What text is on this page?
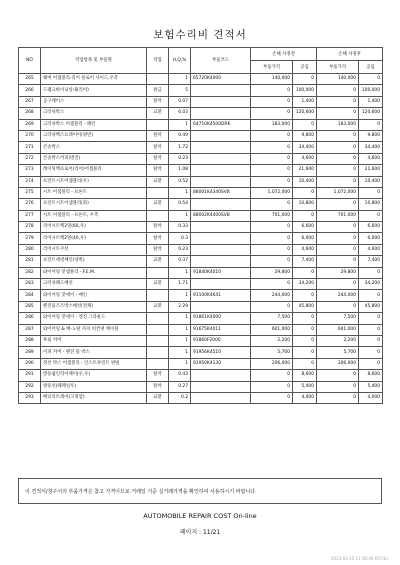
보험수리비 견적서
NO	작업항목 및 부품명	작업	H,Q,%	부품코드	손해 사정전		손해 사정후	
					부품가격	공임	부품가격	공임
265	웨버 어셈블리-리어 플로어 사이드,우측		1	65720K4000	140,000	0	140,000	0
266	드램크바이닝실내(리어)	판금	5		0	100,000	0	100,000
267	공구케이스	탈착	0.07		0	1,400	0	1,400
268	크러쉬박스	교환	6.03		0	120,600	0	120,600
269	크러쉬박스 어셈블리 - 패런		1	64710K4500DRK	183,000	0	183,000	0
270	크러쉬백스프레이어(양면)	탈착	0.49		0	9,800	0	9,800
271	콘솔박스	탈착	1.72		0	34,400	0	34,400
272	콘솔박스어퍼(방진)	탈착	0.23		0	4,600	0	4,600
273	레이팅백프로어(리어)어셈블리	탈착	1.08		0	21,600	0	21,600
274	프런트시트어셈블리(우)	교환	0.52		0	10,400	0	10,400
275	시트 어셈블리 - 프론트		1	88001K4340SVB	1,072,000	0	1,072,000	0
276	프런트시트어셈블리(좌)	교환	0.54		0	10,800	0	10,800
277	시트 어셈블리 - 프론트, 우측		1	88002K4400SVB	701,000	0	701,000	0
278	리어시트백2열(60,우)	탈착	0.33		0	6,600	0	6,600
279	리어시트백2열(40,우)	탈착	0.3		0	6,000	0	6,000
280	리어시트쿠션	탈착	0.23		0	4,600	0	4,600
281	프런트세낼체인(양쪽)	교환	0.37		0	7,400	0	7,400
282	와이어링 맛셈블리 - F.E.M.		1	91840K4010	29,800	0	29,800	0
283	크러쉬패드배선	교환	1.71		0	34,200	0	34,200
284	와이어링 맛세이 - 메인		1	91100K4641	244,000	0	244,000	0
285	펜진품즈즈박스배선(전체)	교환	2.29		0	45,800	0	45,800
286	와이어링 맛세이 - 엔진 그라운드		1	91861K4000	7,500	0	7,500	0
287	와이어링 & 배-노탈 자치 비컨넷 케이블		1	91675K4011	601,000	0	601,000	0
288	후퇴 커버		1	91860F2000	2,200	0	2,200	0
289	이퍼 커버 - 랜진 룸 박스		1	91956K4510	5,700	0	5,700	0
290	정션 박스 어셈블리 - 인스트루먼트 판넬		1	91950K4130	206,000	0	206,000	0
291	방풍쉽인리어체이(우,우)	탈착	0.43		0	8,600	0	8,600
292	방풍선(웨페널우)	탈착	0.27		0	5,400	0	5,400
293	배터리트레이(고정암)	교환	0.2		0	4,000	0	4,000
이 견적서/청구서의 부품가격은 참고 가격이므로 거래일 기준 실거래가격을 확인하여 사용하시기 바랍니다.
AUTOMOBILE REPAIR COST On-line
페이지 : 11/21
2023-03-15 11:36:46 KST(E)
